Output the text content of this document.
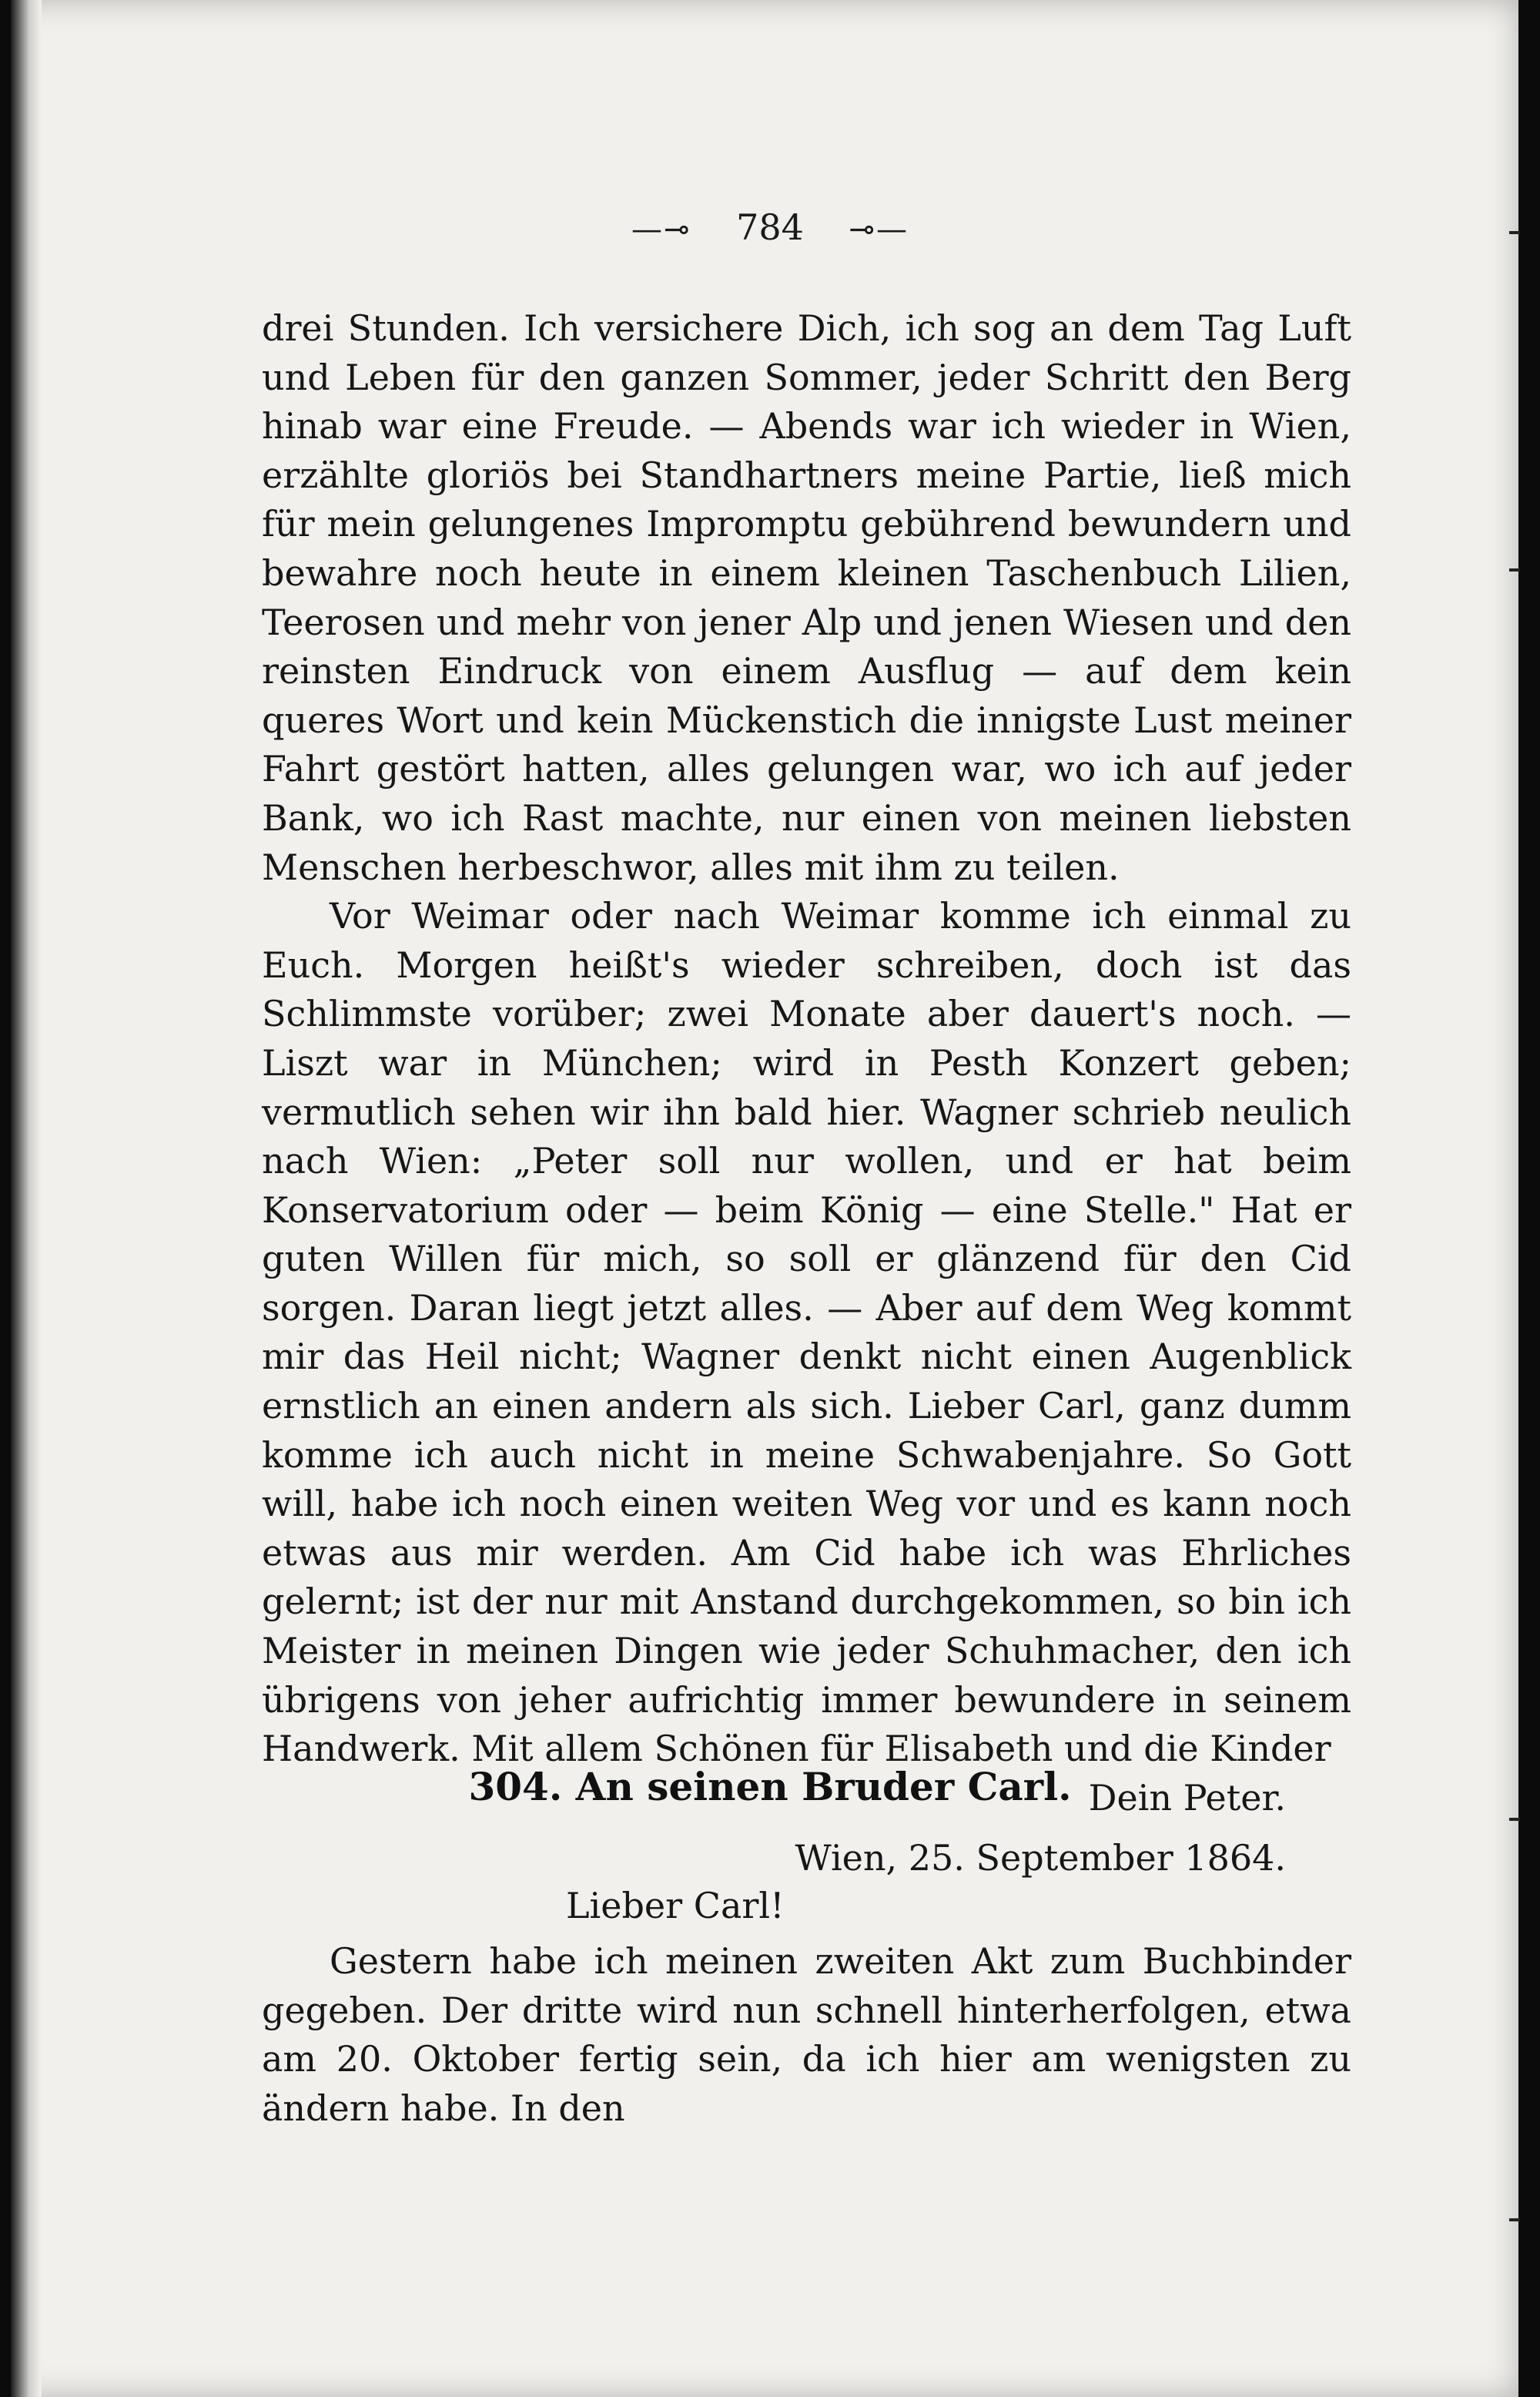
—⊸ 784 ⊸—

drei Stunden. Ich versichere Dich, ich sog an dem Tag Luft und Leben für den ganzen Sommer, jeder Schritt den Berg hinab war eine Freude. — Abends war ich wieder in Wien, erzählte gloriös bei Standhartners meine Partie, ließ mich für mein gelungenes Impromptu gebührend bewundern und bewahre noch heute in einem kleinen Taschenbuch Lilien, Teerosen und mehr von jener Alp und jenen Wiesen und den reinsten Eindruck von einem Ausflug — auf dem kein queres Wort und kein Mückenstich die innigste Lust meiner Fahrt gestört hatten, alles gelungen war, wo ich auf jeder Bank, wo ich Rast machte, nur einen von meinen liebsten Menschen herbeschwor, alles mit ihm zu teilen.

Vor Weimar oder nach Weimar komme ich einmal zu Euch. Morgen heißt's wieder schreiben, doch ist das Schlimmste vorüber; zwei Monate aber dauert's noch. — Liszt war in München; wird in Pesth Konzert geben; vermutlich sehen wir ihn bald hier. Wagner schrieb neulich nach Wien: „Peter soll nur wollen, und er hat beim Konservatorium oder — beim König — eine Stelle." Hat er guten Willen für mich, so soll er glänzend für den Cid sorgen. Daran liegt jetzt alles. — Aber auf dem Weg kommt mir das Heil nicht; Wagner denkt nicht einen Augenblick ernstlich an einen andern als sich. Lieber Carl, ganz dumm komme ich auch nicht in meine Schwabenjahre. So Gott will, habe ich noch einen weiten Weg vor und es kann noch etwas aus mir werden. Am Cid habe ich was Ehrliches gelernt; ist der nur mit Anstand durchgekommen, so bin ich Meister in meinen Dingen wie jeder Schuhmacher, den ich übrigens von jeher aufrichtig immer bewundere in seinem Handwerk. Mit allem Schönen für Elisabeth und die Kinder

Dein Peter.

304. An seinen Bruder Carl.
Wien, 25. September 1864.
Lieber Carl!

Gestern habe ich meinen zweiten Akt zum Buchbinder gegeben. Der dritte wird nun schnell hinterherfolgen, etwa am 20. Oktober fertig sein, da ich hier am wenigsten zu ändern habe. In den
